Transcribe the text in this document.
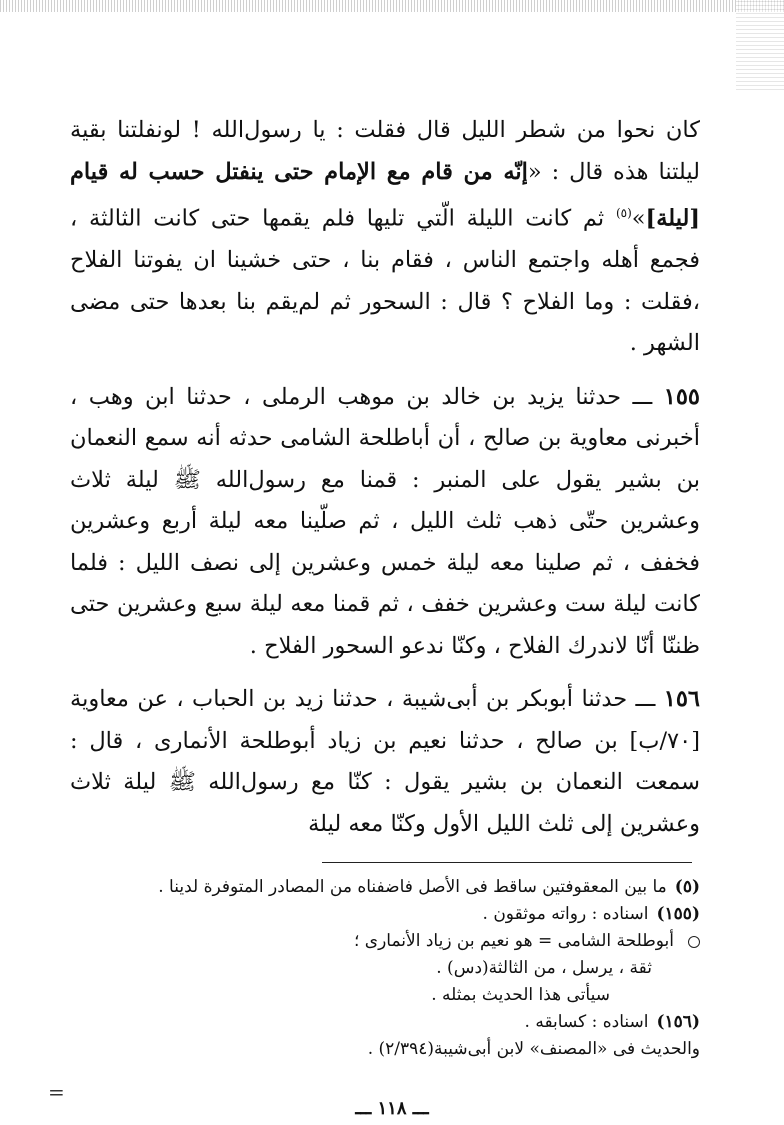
كان نحوا من شطر الليل قال فقلت : يا رسول‌الله ! لونفلتنا بقية ليلتنا هذه قال : «إنّه من قام مع الإمام حتى ينفتل حسب له قيام [ليلة]»$^{(٥)}$ ثم كانت الليلة الّتي تليها فلم يقمها حتى كانت الثالثة ، فجمع أهله واجتمع الناس ، فقام بنا ، حتى خشينا ان يفوتنا الفلاح ،فقلت : وما الفلاح ؟ قال : السحور ثم لم‌يقم بنا بعدها حتى مضى الشهر .

١٥٥ ـــ حدثنا يزيد بن خالد بن موهب الرملى ، حدثنا ابن وهب ، أخبرنى معاوية بن صالح ، أن أباطلحة الشامى حدثه أنه سمع النعمان بن بشير يقول على المنبر : قمنا مع رسول‌الله ﷺ ليلة ثلاث وعشرين حتّى ذهب ثلث الليل ، ثم صلّينا معه ليلة أربع وعشرين فخفف ، ثم صلينا معه ليلة خمس وعشرين إلى نصف الليل : فلما كانت ليلة ست وعشرين خفف ، ثم قمنا معه ليلة سبع وعشرين حتى ظننّا أنّا لاندرك الفلاح ، وكنّا ندعو السحور الفلاح .

١٥٦ ـــ حدثنا أبوبكر بن أبى‌شيبة ، حدثنا زيد بن الحباب ، عن معاوية [٧٠/ب] بن صالح ، حدثنا نعيم بن زياد أبوطلحة الأنمارى ، قال : سمعت النعمان بن بشير يقول : كنّا مع رسول‌الله ﷺ ليلة ثلاث وعشرين إلى ثلث الليل الأول وكنّا معه ليلة

(٥)ما بين المعقوفتين ساقط فى الأصل فاضفناه من المصادر المتوفرة لدينا .

(١٥٥)اسناده : رواته موثقون .

أبوطلحة الشامى = هو نعيم بن زياد الأنمارى ؛

ثقة ، يرسل ، من الثالثة(دس) .

سيأتى هذا الحديث بمثله .

(١٥٦)اسناده : كسابقه .

والحديث فى «المصنف» لابن أبى‌شيبة(٢/٣٩٤) .

=
ـــ ١١٨ ـــ
